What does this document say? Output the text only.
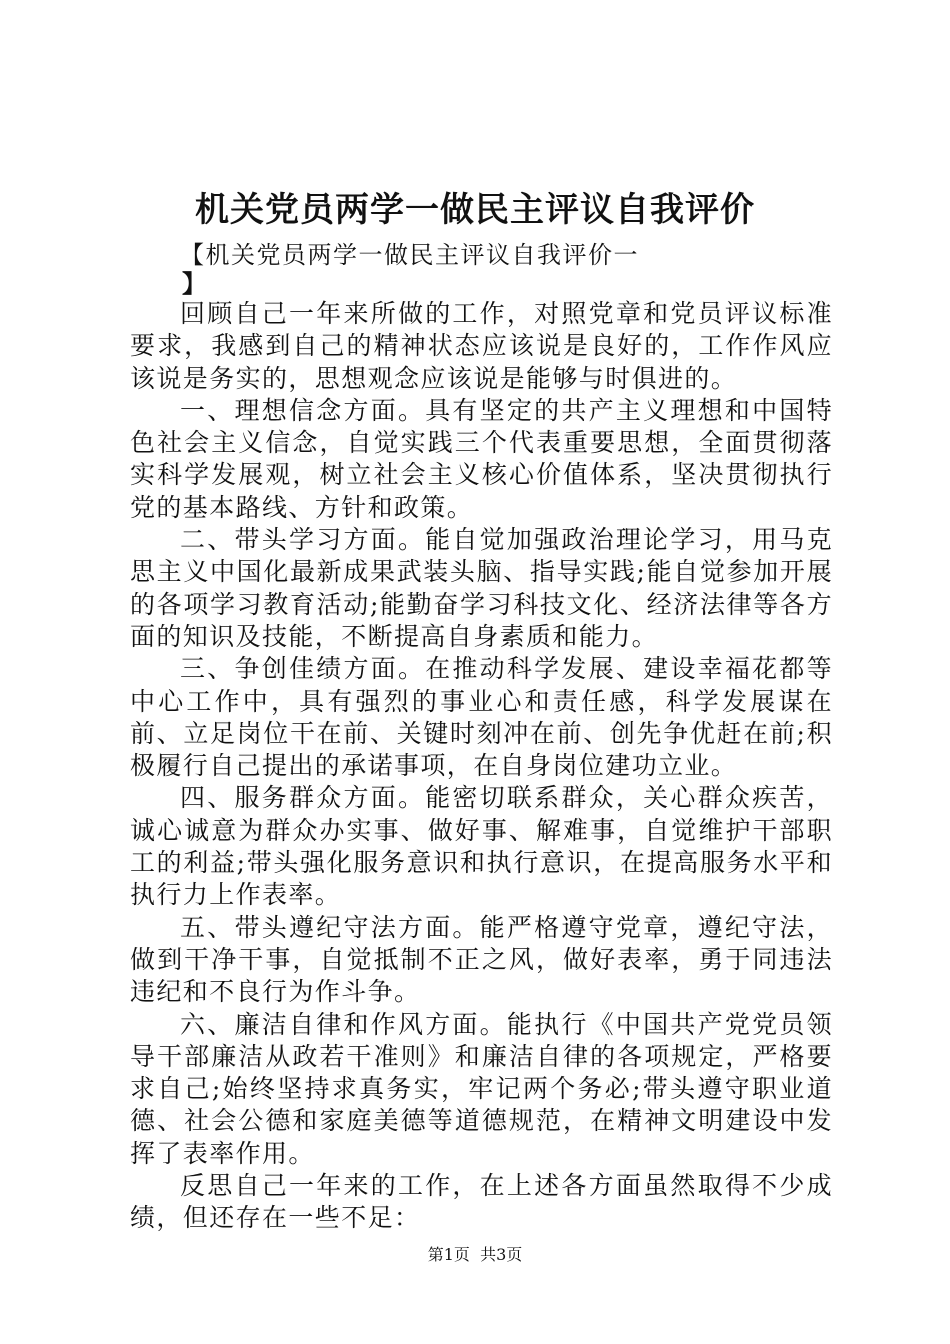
机关党员两学一做民主评议自我评价
【机关党员两学一做民主评议自我评价一
】

回顾自己一年来所做的工作，对照党章和党员评议标准要求，我感到自己的精神状态应该说是良好的，工作作风应该说是务实的，思想观念应该说是能够与时俱进的。

一、理想信念方面。具有坚定的共产主义理想和中国特色社会主义信念，自觉实践三个代表重要思想，全面贯彻落实科学发展观，树立社会主义核心价值体系，坚决贯彻执行党的基本路线、方针和政策。

二、带头学习方面。能自觉加强政治理论学习，用马克思主义中国化最新成果武装头脑、指导实践;能自觉参加开展的各项学习教育活动;能勤奋学习科技文化、经济法律等各方面的知识及技能，不断提高自身素质和能力。

三、争创佳绩方面。在推动科学发展、建设幸福花都等中心工作中，具有强烈的事业心和责任感，科学发展谋在前、立足岗位干在前、关键时刻冲在前、创先争优赶在前;积极履行自己提出的承诺事项，在自身岗位建功立业。

四、服务群众方面。能密切联系群众，关心群众疾苦，诚心诚意为群众办实事、做好事、解难事，自觉维护干部职工的利益;带头强化服务意识和执行意识，在提高服务水平和执行力上作表率。

五、带头遵纪守法方面。能严格遵守党章，遵纪守法，做到干净干事，自觉抵制不正之风，做好表率，勇于同违法违纪和不良行为作斗争。

六、廉洁自律和作风方面。能执行《中国共产党党员领导干部廉洁从政若干准则》和廉洁自律的各项规定，严格要求自己;始终坚持求真务实，牢记两个务必;带头遵守职业道德、社会公德和家庭美德等道德规范，在精神文明建设中发挥了表率作用。

反思自己一年来的工作，在上述各方面虽然取得不少成绩，但还存在一些不足：

第1页  共3页
